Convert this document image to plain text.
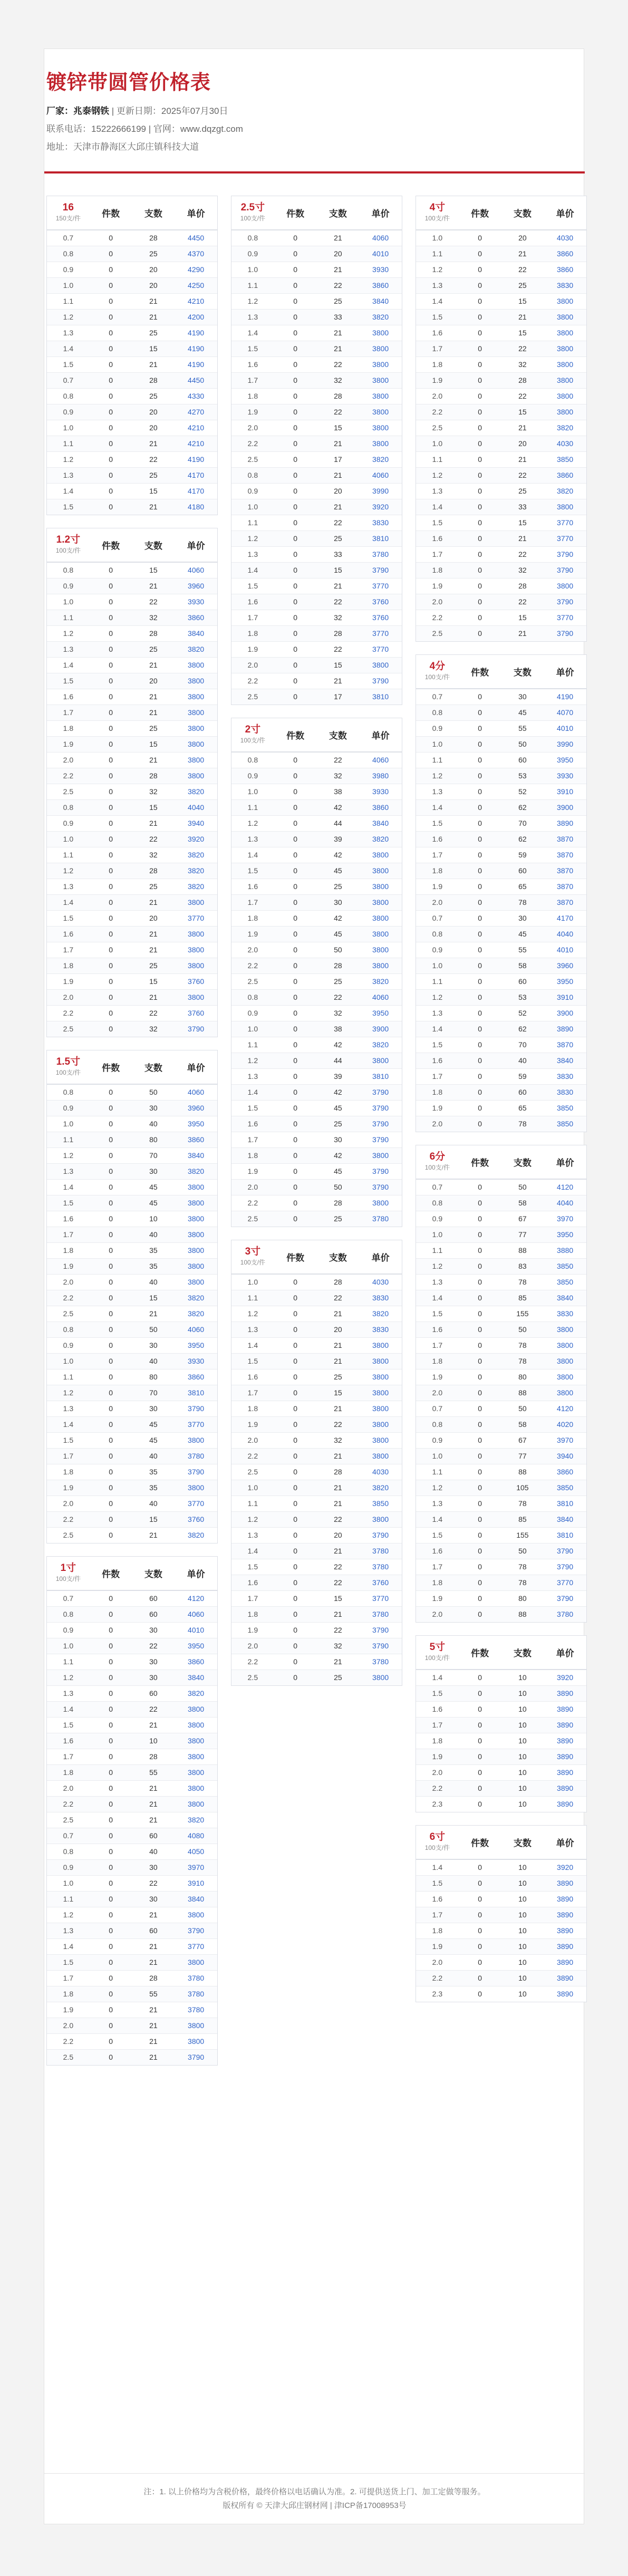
镀锌带圆管价格表
厂家：兆泰钢铁 | 更新日期：2025年07月30日
联系电话：15222666199 | 官网：www.dqzgt.com
地址：天津市静海区大邱庄镇科技大道
16
150支/件	件数	支数	单价
0.7	0	28	4450
0.8	0	25	4370
0.9	0	20	4290
1.0	0	20	4250
1.1	0	21	4210
1.2	0	21	4200
1.3	0	25	4190
1.4	0	15	4190
1.5	0	21	4190
0.7	0	28	4450
0.8	0	25	4330
0.9	0	20	4270
1.0	0	20	4210
1.1	0	21	4210
1.2	0	22	4190
1.3	0	25	4170
1.4	0	15	4170
1.5	0	21	4180
1.2寸
100支/件	件数	支数	单价
0.8	0	15	4060
0.9	0	21	3960
1.0	0	22	3930
1.1	0	32	3860
1.2	0	28	3840
1.3	0	25	3820
1.4	0	21	3800
1.5	0	20	3800
1.6	0	21	3800
1.7	0	21	3800
1.8	0	25	3800
1.9	0	15	3800
2.0	0	21	3800
2.2	0	28	3800
2.5	0	32	3820
0.8	0	15	4040
0.9	0	21	3940
1.0	0	22	3920
1.1	0	32	3820
1.2	0	28	3820
1.3	0	25	3820
1.4	0	21	3800
1.5	0	20	3770
1.6	0	21	3800
1.7	0	21	3800
1.8	0	25	3800
1.9	0	15	3760
2.0	0	21	3800
2.2	0	22	3760
2.5	0	32	3790
1.5寸
100支/件	件数	支数	单价
0.8	0	50	4060
0.9	0	30	3960
1.0	0	40	3950
1.1	0	80	3860
1.2	0	70	3840
1.3	0	30	3820
1.4	0	45	3800
1.5	0	45	3800
1.6	0	10	3800
1.7	0	40	3800
1.8	0	35	3800
1.9	0	35	3800
2.0	0	40	3800
2.2	0	15	3820
2.5	0	21	3820
0.8	0	50	4060
0.9	0	30	3950
1.0	0	40	3930
1.1	0	80	3860
1.2	0	70	3810
1.3	0	30	3790
1.4	0	45	3770
1.5	0	45	3800
1.7	0	40	3780
1.8	0	35	3790
1.9	0	35	3800
2.0	0	40	3770
2.2	0	15	3760
2.5	0	21	3820
1寸
100支/件	件数	支数	单价
0.7	0	60	4120
0.8	0	60	4060
0.9	0	30	4010
1.0	0	22	3950
1.1	0	30	3860
1.2	0	30	3840
1.3	0	60	3820
1.4	0	22	3800
1.5	0	21	3800
1.6	0	10	3800
1.7	0	28	3800
1.8	0	55	3800
2.0	0	21	3800
2.2	0	21	3800
2.5	0	21	3820
0.7	0	60	4080
0.8	0	40	4050
0.9	0	30	3970
1.0	0	22	3910
1.1	0	30	3840
1.2	0	21	3800
1.3	0	60	3790
1.4	0	21	3770
1.5	0	21	3800
1.7	0	28	3780
1.8	0	55	3780
1.9	0	21	3780
2.0	0	21	3800
2.2	0	21	3800
2.5	0	21	3790
2.5寸
100支/件	件数	支数	单价
0.8	0	21	4060
0.9	0	20	4010
1.0	0	21	3930
1.1	0	22	3860
1.2	0	25	3840
1.3	0	33	3820
1.4	0	21	3800
1.5	0	21	3800
1.6	0	22	3800
1.7	0	32	3800
1.8	0	28	3800
1.9	0	22	3800
2.0	0	15	3800
2.2	0	21	3800
2.5	0	17	3820
0.8	0	21	4060
0.9	0	20	3990
1.0	0	21	3920
1.1	0	22	3830
1.2	0	25	3810
1.3	0	33	3780
1.4	0	15	3790
1.5	0	21	3770
1.6	0	22	3760
1.7	0	32	3760
1.8	0	28	3770
1.9	0	22	3770
2.0	0	15	3800
2.2	0	21	3790
2.5	0	17	3810
2寸
100支/件	件数	支数	单价
0.8	0	22	4060
0.9	0	32	3980
1.0	0	38	3930
1.1	0	42	3860
1.2	0	44	3840
1.3	0	39	3820
1.4	0	42	3800
1.5	0	45	3800
1.6	0	25	3800
1.7	0	30	3800
1.8	0	42	3800
1.9	0	45	3800
2.0	0	50	3800
2.2	0	28	3800
2.5	0	25	3820
0.8	0	22	4060
0.9	0	32	3950
1.0	0	38	3900
1.1	0	42	3820
1.2	0	44	3800
1.3	0	39	3810
1.4	0	42	3790
1.5	0	45	3790
1.6	0	25	3790
1.7	0	30	3790
1.8	0	42	3800
1.9	0	45	3790
2.0	0	50	3790
2.2	0	28	3800
2.5	0	25	3780
3寸
100支/件	件数	支数	单价
1.0	0	28	4030
1.1	0	22	3830
1.2	0	21	3820
1.3	0	20	3830
1.4	0	21	3800
1.5	0	21	3800
1.6	0	25	3800
1.7	0	15	3800
1.8	0	21	3800
1.9	0	22	3800
2.0	0	32	3800
2.2	0	21	3800
2.5	0	28	4030
1.0	0	21	3820
1.1	0	21	3850
1.2	0	22	3800
1.3	0	20	3790
1.4	0	21	3780
1.5	0	22	3780
1.6	0	22	3760
1.7	0	15	3770
1.8	0	21	3780
1.9	0	22	3790
2.0	0	32	3790
2.2	0	21	3780
2.5	0	25	3800
4寸
100支/件	件数	支数	单价
1.0	0	20	4030
1.1	0	21	3860
1.2	0	22	3860
1.3	0	25	3830
1.4	0	15	3800
1.5	0	21	3800
1.6	0	15	3800
1.7	0	22	3800
1.8	0	32	3800
1.9	0	28	3800
2.0	0	22	3800
2.2	0	15	3800
2.5	0	21	3820
1.0	0	20	4030
1.1	0	21	3850
1.2	0	22	3860
1.3	0	25	3820
1.4	0	33	3800
1.5	0	15	3770
1.6	0	21	3770
1.7	0	22	3790
1.8	0	32	3790
1.9	0	28	3800
2.0	0	22	3790
2.2	0	15	3770
2.5	0	21	3790
4分
100支/件	件数	支数	单价
0.7	0	30	4190
0.8	0	45	4070
0.9	0	55	4010
1.0	0	50	3990
1.1	0	60	3950
1.2	0	53	3930
1.3	0	52	3910
1.4	0	62	3900
1.5	0	70	3890
1.6	0	62	3870
1.7	0	59	3870
1.8	0	60	3870
1.9	0	65	3870
2.0	0	78	3870
0.7	0	30	4170
0.8	0	45	4040
0.9	0	55	4010
1.0	0	58	3960
1.1	0	60	3950
1.2	0	53	3910
1.3	0	52	3900
1.4	0	62	3890
1.5	0	70	3870
1.6	0	40	3840
1.7	0	59	3830
1.8	0	60	3830
1.9	0	65	3850
2.0	0	78	3850
6分
100支/件	件数	支数	单价
0.7	0	50	4120
0.8	0	58	4040
0.9	0	67	3970
1.0	0	77	3950
1.1	0	88	3880
1.2	0	83	3850
1.3	0	78	3850
1.4	0	85	3840
1.5	0	155	3830
1.6	0	50	3800
1.7	0	78	3800
1.8	0	78	3800
1.9	0	80	3800
2.0	0	88	3800
0.7	0	50	4120
0.8	0	58	4020
0.9	0	67	3970
1.0	0	77	3940
1.1	0	88	3860
1.2	0	105	3850
1.3	0	78	3810
1.4	0	85	3840
1.5	0	155	3810
1.6	0	50	3790
1.7	0	78	3790
1.8	0	78	3770
1.9	0	80	3790
2.0	0	88	3780
5寸
100支/件	件数	支数	单价
1.4	0	10	3920
1.5	0	10	3890
1.6	0	10	3890
1.7	0	10	3890
1.8	0	10	3890
1.9	0	10	3890
2.0	0	10	3890
2.2	0	10	3890
2.3	0	10	3890
6寸
100支/件	件数	支数	单价
1.4	0	10	3920
1.5	0	10	3890
1.6	0	10	3890
1.7	0	10	3890
1.8	0	10	3890
1.9	0	10	3890
2.0	0	10	3890
2.2	0	10	3890
2.3	0	10	3890
注：1. 以上价格均为含税价格，最终价格以电话确认为准。2. 可提供送货上门、加工定做等服务。
版权所有 © 天津大邱庄钢材网 | 津ICP备17008953号
